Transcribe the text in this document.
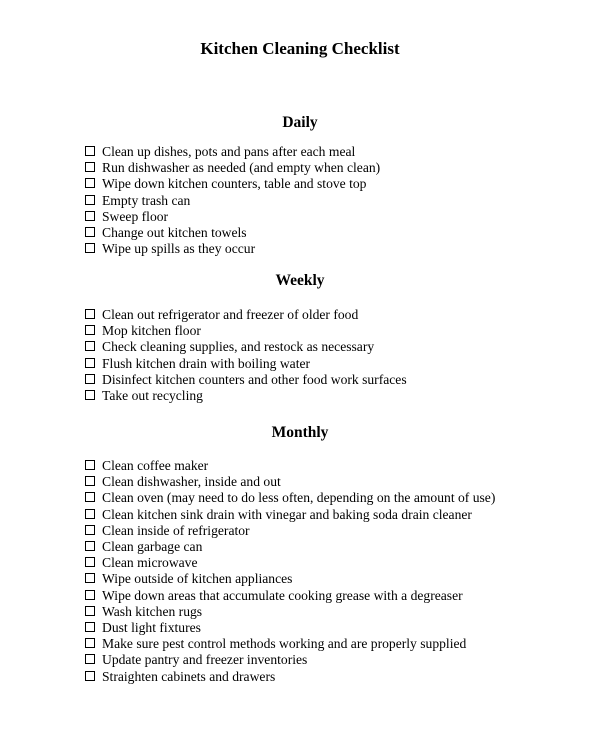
Kitchen Cleaning Checklist
Daily
Clean up dishes, pots and pans after each meal
Run dishwasher as needed (and empty when clean)
Wipe down kitchen counters, table and stove top
Empty trash can
Sweep floor
Change out kitchen towels
Wipe up spills as they occur
Weekly
Clean out refrigerator and freezer of older food
Mop kitchen floor
Check cleaning supplies, and restock as necessary
Flush kitchen drain with boiling water
Disinfect kitchen counters and other food work surfaces
Take out recycling
Monthly
Clean coffee maker
Clean dishwasher, inside and out
Clean oven (may need to do less often, depending on the amount of use)
Clean kitchen sink drain with vinegar and baking soda drain cleaner
Clean inside of refrigerator
Clean garbage can
Clean microwave
Wipe outside of kitchen appliances
Wipe down areas that accumulate cooking grease with a degreaser
Wash kitchen rugs
Dust light fixtures
Make sure pest control methods working and are properly supplied
Update pantry and freezer inventories
Straighten cabinets and drawers
